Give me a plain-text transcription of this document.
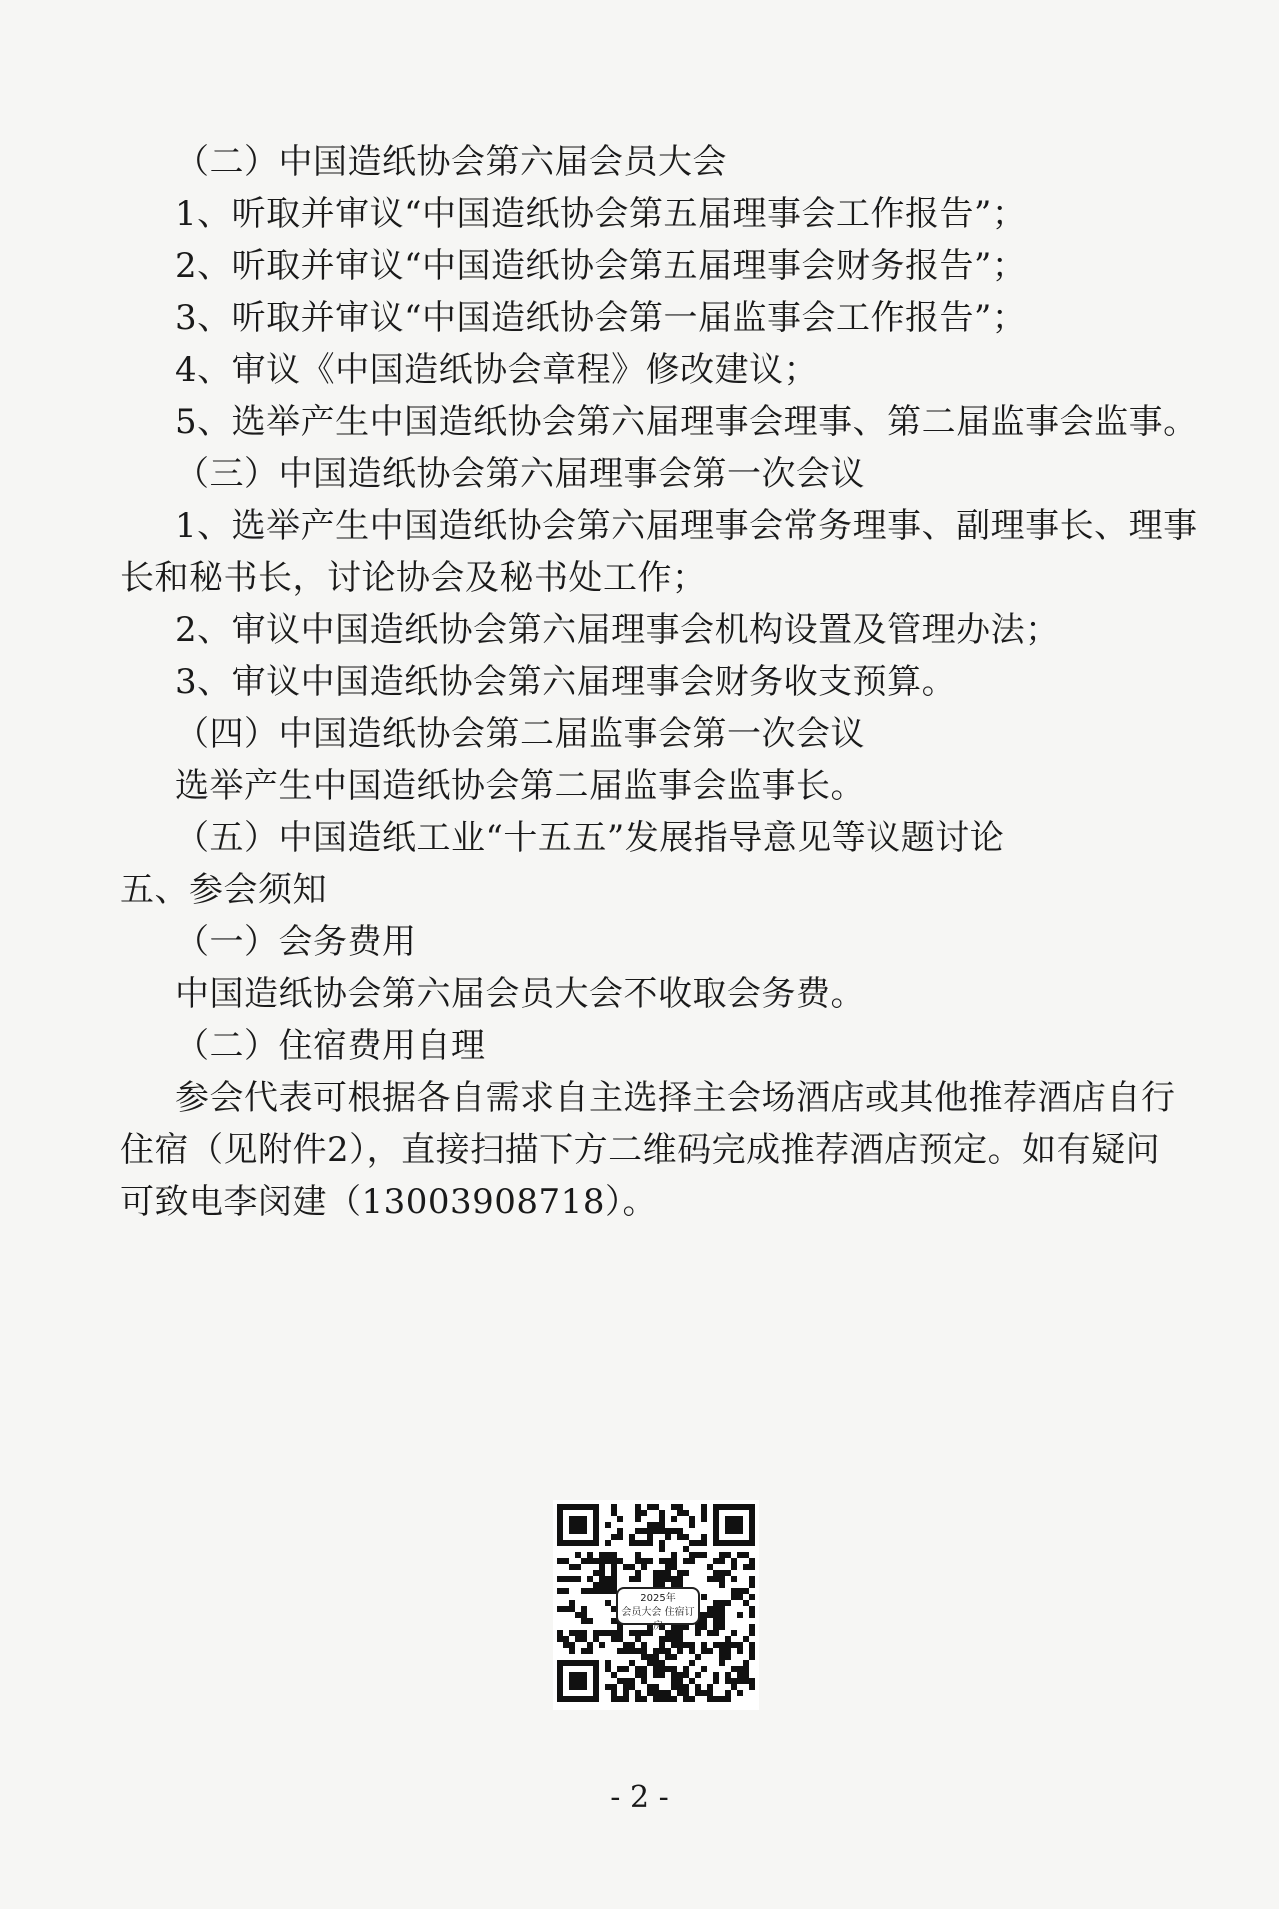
（二）中国造纸协会第六届会员大会
1、听取并审议“中国造纸协会第五届理事会工作报告”；
2、听取并审议“中国造纸协会第五届理事会财务报告”；
3、听取并审议“中国造纸协会第一届监事会工作报告”；
4、审议《中国造纸协会章程》修改建议；
5、选举产生中国造纸协会第六届理事会理事、第二届监事会监事。
（三）中国造纸协会第六届理事会第一次会议
1、选举产生中国造纸协会第六届理事会常务理事、副理事长、理事
长和秘书长，讨论协会及秘书处工作；
2、审议中国造纸协会第六届理事会机构设置及管理办法；
3、审议中国造纸协会第六届理事会财务收支预算。
（四）中国造纸协会第二届监事会第一次会议
选举产生中国造纸协会第二届监事会监事长。
（五）中国造纸工业“十五五”发展指导意见等议题讨论
五、参会须知
（一）会务费用
中国造纸协会第六届会员大会不收取会务费。
（二）住宿费用自理
参会代表可根据各自需求自主选择主会场酒店或其他推荐酒店自行
住宿（见附件2），直接扫描下方二维码完成推荐酒店预定。如有疑问
可致电李闵建（13003908718）。
2025年
会员大会 住宿订房
- 2 -
